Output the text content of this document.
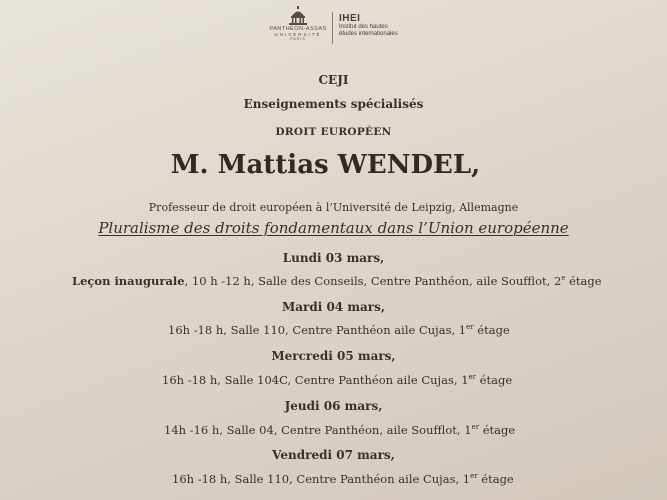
PANTHÉON-ASSAS
UNIVERSITÉ
PARIS
IHEI
Institut des hautes
études internationales
CEJI
Enseignements spécialisés
DROIT EUROPÉEN
M. Mattias WENDEL,
Professeur de droit européen à l’Université de Leipzig, Allemagne
Pluralisme des droits fondamentaux dans l’Union européenne
Lundi 03 mars,
Leçon inaugurale, 10 h -12 h, Salle des Conseils, Centre Panthéon, aile Soufflot, 2e étage
Mardi 04 mars,
16h -18 h, Salle 110, Centre Panthéon aile Cujas, 1er étage
Mercredi 05 mars,
16h -18 h, Salle 104C, Centre Panthéon aile Cujas, 1er étage
Jeudi 06 mars,
14h -16 h, Salle 04, Centre Panthéon, aile Soufflot, 1er étage
Vendredi 07 mars,
16h -18 h, Salle 110, Centre Panthéon aile Cujas, 1er étage
